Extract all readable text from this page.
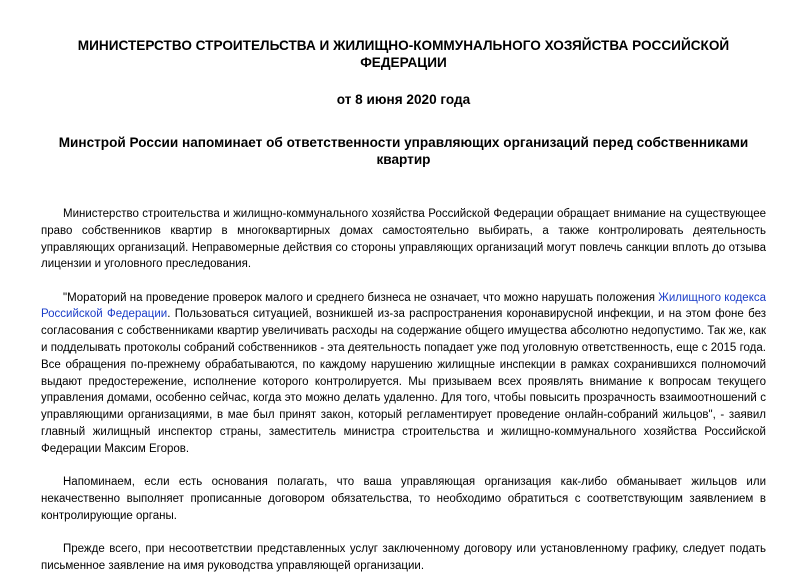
МИНИСТЕРСТВО СТРОИТЕЛЬСТВА И ЖИЛИЩНО-КОММУНАЛЬНОГО ХОЗЯЙСТВА РОССИЙСКОЙ ФЕДЕРАЦИИ
от 8 июня 2020 года
Минстрой России напоминает об ответственности управляющих организаций перед собственниками квартир

Министерство строительства и жилищно-коммунального хозяйства Российской Федерации обращает внимание на существующее право собственников квартир в многоквартирных домах самостоятельно выбирать, а также контролировать деятельность управляющих организаций. Неправомерные действия со стороны управляющих организаций могут повлечь санкции вплоть до отзыва лицензии и уголовного преследования.

"Мораторий на проведение проверок малого и среднего бизнеса не означает, что можно нарушать положения Жилищного кодекса Российской Федерации. Пользоваться ситуацией, возникшей из-за распространения коронавирусной инфекции, и на этом фоне без согласования с собственниками квартир увеличивать расходы на содержание общего имущества абсолютно недопустимо. Так же, как и подделывать протоколы собраний собственников - эта деятельность попадает уже под уголовную ответственность, еще с 2015 года. Все обращения по-прежнему обрабатываются, по каждому нарушению жилищные инспекции в рамках сохранившихся полномочий выдают предостережение, исполнение которого контролируется. Мы призываем всех проявлять внимание к вопросам текущего управления домами, особенно сейчас, когда это можно делать удаленно. Для того, чтобы повысить прозрачность взаимоотношений с управляющими организациями, в мае был принят закон, который регламентирует проведение онлайн-собраний жильцов", - заявил главный жилищный инспектор страны, заместитель министра строительства и жилищно-коммунального хозяйства Российской Федерации Максим Егоров.

Напоминаем, если есть основания полагать, что ваша управляющая организация как-либо обманывает жильцов или некачественно выполняет прописанные договором обязательства, то необходимо обратиться с соответствующим заявлением в контролирующие органы.

Прежде всего, при несоответствии представленных услуг заключенному договору или установленному графику, следует подать письменное заявление на имя руководства управляющей организации.
